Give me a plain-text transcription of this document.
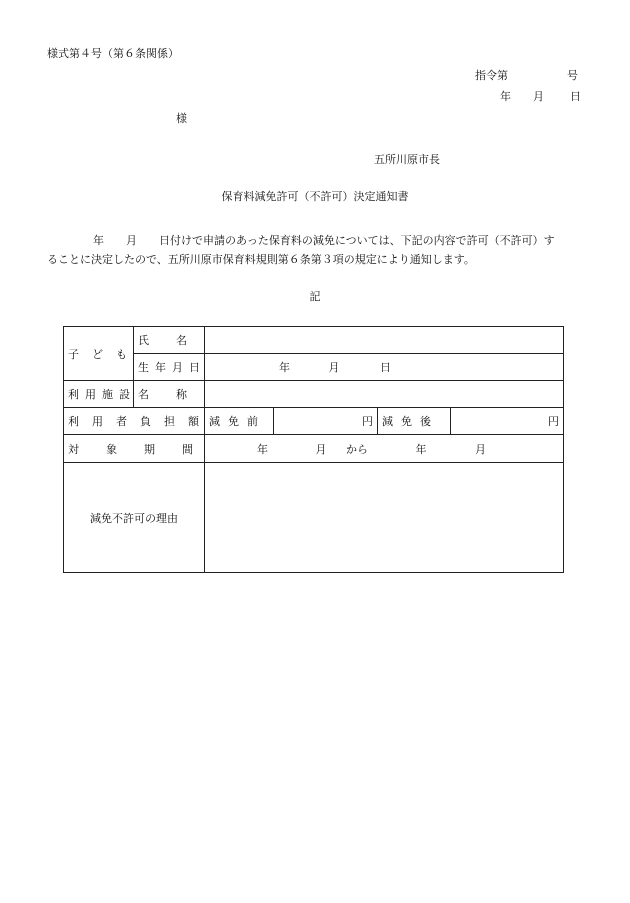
様式第４号（第６条関係）
指令第	号
年 月 日
様
五所川原市長
保育料減免許可（不許可）決定通知書

年　　月　　日付けで申請のあった保育料の減免については、下記の内容で許可（不許可）す

ることに決定したので、五所川原市保育料規則第６条第３項の規定により通知します。

記
子ども	氏名				
	生年月日	年 月 日			
利用施設	名称				
利用者負担額		減免前	円	減免後	円
対象期間		年 月 から 年 月			
減免不許可の理由					
